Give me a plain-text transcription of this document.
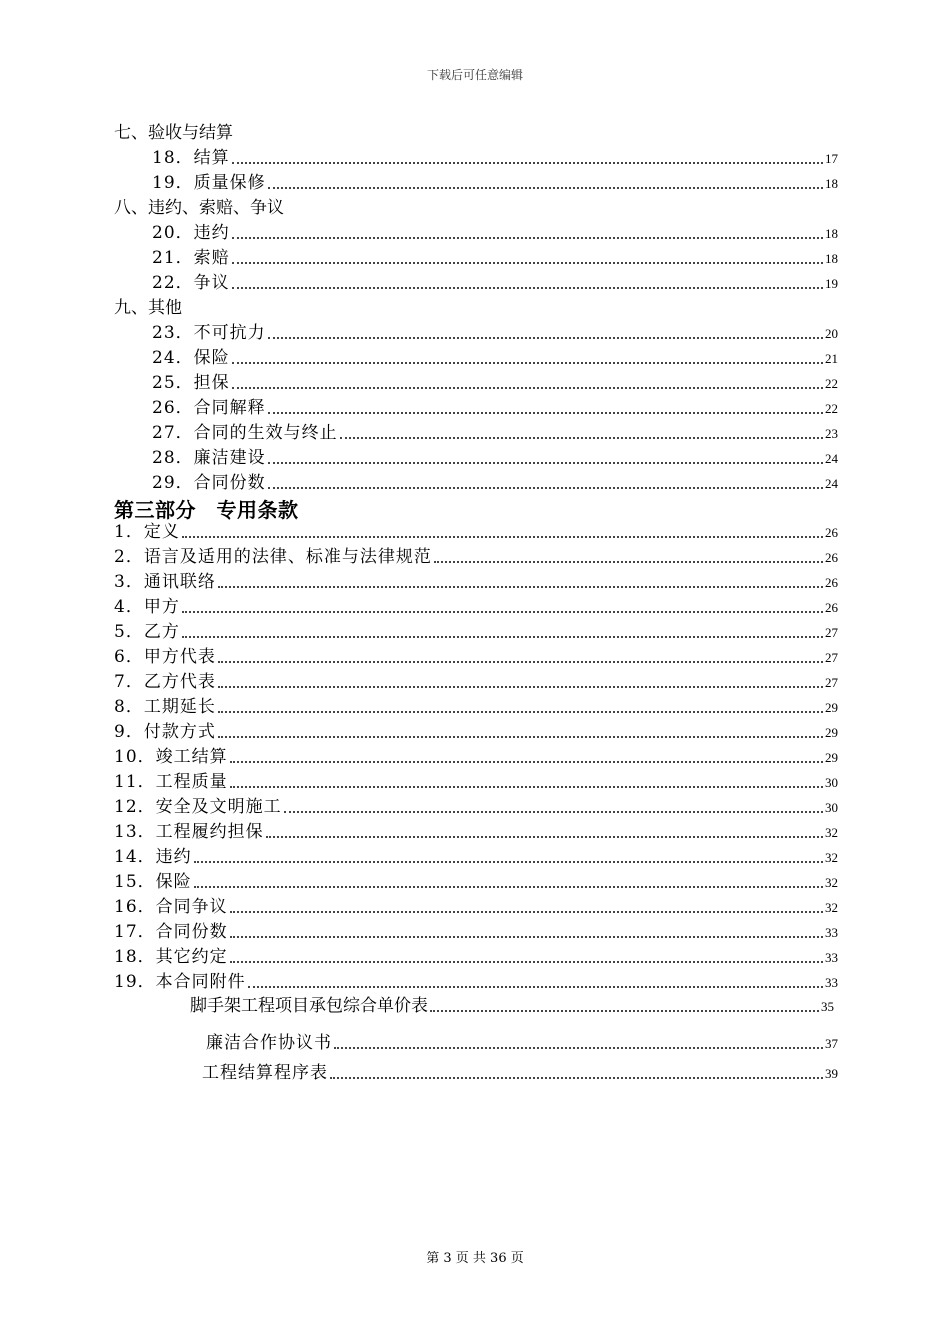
下载后可任意编辑
七、验收与结算
18．结算	17
19．质量保修	18
八、违约、索赔、争议
20．违约	18
21．索赔	18
22．争议	19
九、其他
23．不可抗力	20
24．保险	21
25．担保	22
26．合同解释	22
27．合同的生效与终止	23
28．廉洁建设	24
29．合同份数	24
第三部分　专用条款
1．定义	26
2．语言及适用的法律、标准与法律规范	26
3．通讯联络	26
4．甲方	26
5．乙方	27
6．甲方代表	27
7．乙方代表	27
8．工期延长	29
9．付款方式	29
10．竣工结算	29
11．工程质量	30
12．安全及文明施工	30
13．工程履约担保	32
14．违约	32
15．保险	32
16．合同争议	32
17．合同份数	33
18．其它约定	33
19．本合同附件	33
脚手架工程项目承包综合单价表	35
廉洁合作协议书	37
工程结算程序表	39
第 3 页 共 36 页
